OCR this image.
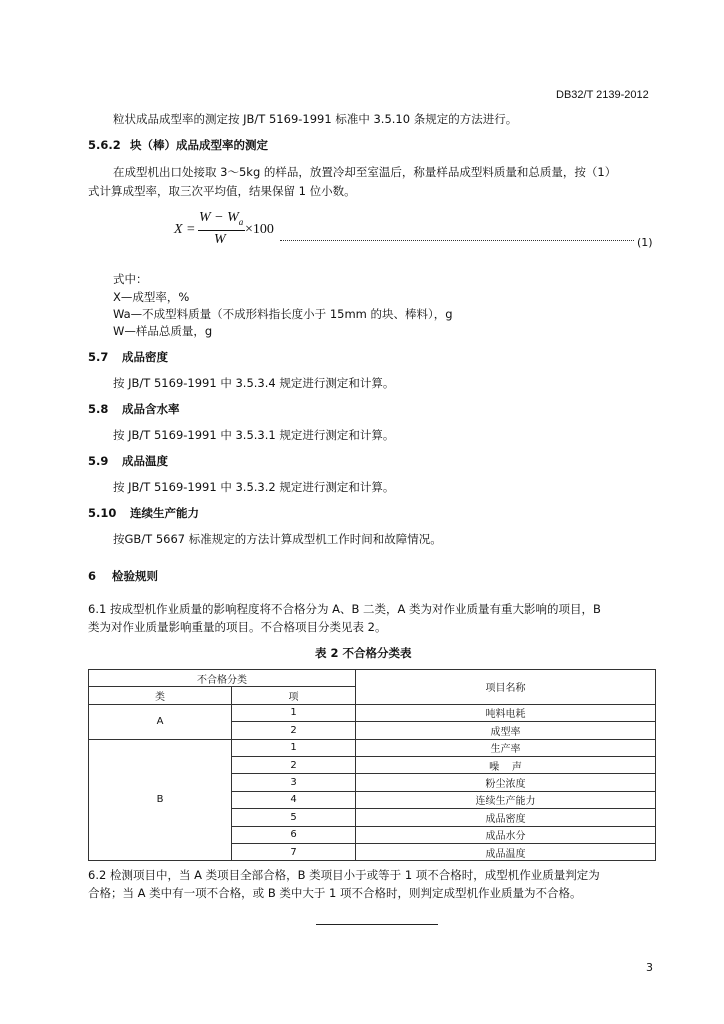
DB32/T 2139-2012
粒状成品成型率的测定按 JB/T 5169-1991 标准中 3.5.10 条规定的方法进行。
5.6.2 块（棒）成品成型率的测定
在成型机出口处接取 3～5kg 的样品，放置冷却至室温后，称量样品成型料质量和总质量，按（1）
式计算成型率，取三次平均值，结果保留 1 位小数。
X =
$W - W_a$
W
×100
(1)
式中：
X—成型率，%
Wa—不成型料质量（不成形料指长度小于 15mm 的块、棒料），g
W—样品总质量，g
5.7 成品密度
按 JB/T 5169-1991 中 3.5.3.4 规定进行测定和计算。
5.8 成品含水率
按 JB/T 5169-1991 中 3.5.3.1 规定进行测定和计算。
5.9 成品温度
按 JB/T 5169-1991 中 3.5.3.2 规定进行测定和计算。
5.10 连续生产能力
按GB/T 5667 标准规定的方法计算成型机工作时间和故障情况。
6 检验规则
6.1 按成型机作业质量的影响程度将不合格分为 A、B 二类，A 类为对作业质量有重大影响的项目，B
类为对作业质量影响重量的项目。不合格项目分类见表 2。
表 2 不合格分类表
不合格分类		项目名称
类	项	
A	1	吨料电耗
	2	成型率
B	1	生产率
	2	噪    声
	3	粉尘浓度
	4	连续生产能力
	5	成品密度
	6	成品水分
	7	成品温度
6.2 检测项目中，当 A 类项目全部合格，B 类项目小于或等于 1 项不合格时，成型机作业质量判定为
合格；当 A 类中有一项不合格，或 B 类中大于 1 项不合格时，则判定成型机作业质量为不合格。
3
